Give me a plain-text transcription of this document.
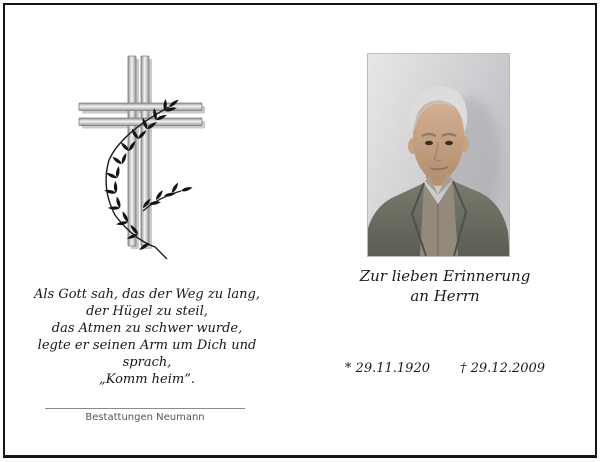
Zur lieben Erinnerung
an Herrn
* 29.11.1920 † 29.12.2009
Als Gott sah, das der Weg zu lang,
der Hügel zu steil,
das Atmen zu schwer wurde,
legte er seinen Arm um Dich und sprach,
„Komm heim”.
Bestattungen Neumann
